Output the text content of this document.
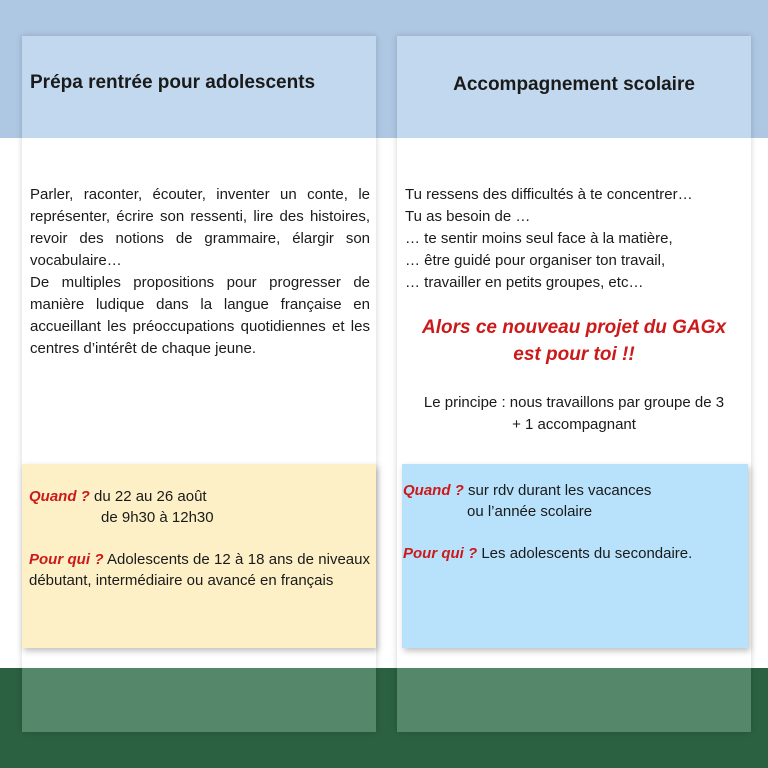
Prépa rentrée pour adolescents

Parler, raconter, écouter, inventer un conte, le représenter, écrire son ressenti, lire des histoires, revoir des notions de grammaire, élargir son vocabulaire…

De multiples propositions pour progresser de manière ludique dans la langue française en accueillant les préoccupations quotidiennes et les centres d’intérêt de chaque jeune.

Quand ? du 22 au 26 août
de 9h30 à 12h30
Pour qui ? Adolescents de 12 à 18 ans de niveaux débutant, intermédiaire ou avancé en français
Accompagnement scolaire

Tu ressens des difficultés à te concentrer…

Tu as besoin de …

… te sentir moins seul face à la matière,

… être guidé pour organiser ton travail,

… travailler en petits groupes, etc…

Alors ce nouveau projet du GAGx
est pour toi !!
Le principe : nous travaillons par groupe de 3
+ 1 accompagnant
Quand ? sur rdv durant les vacances
ou l’année scolaire
Pour qui ? Les adolescents du secondaire.
